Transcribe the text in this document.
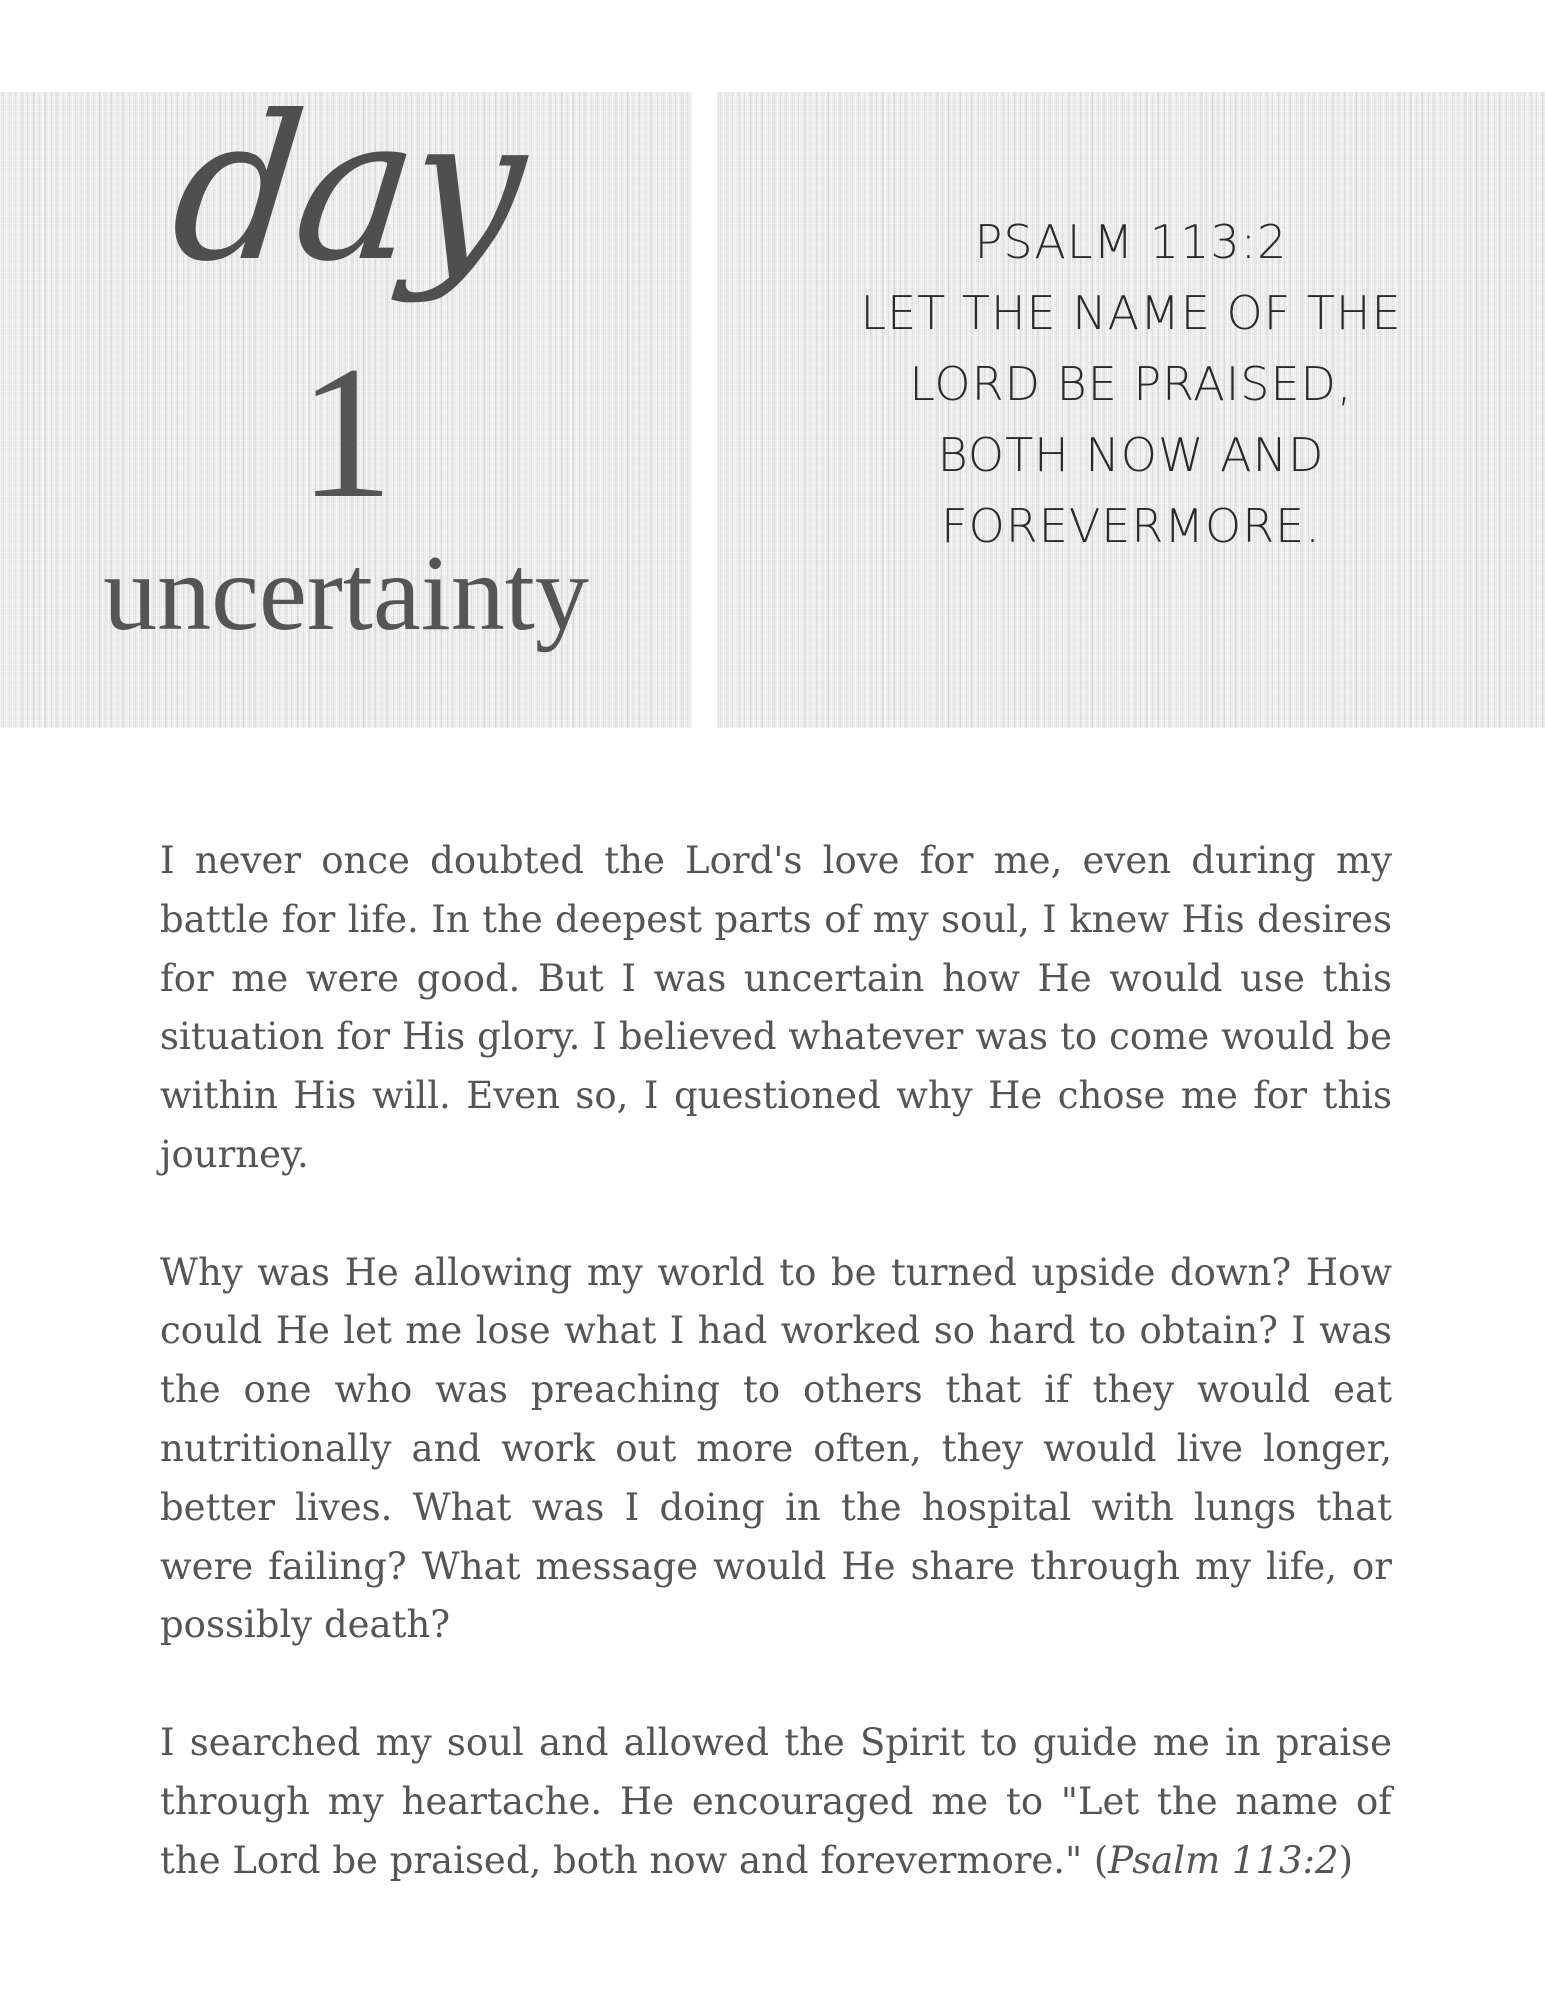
day
1
uncertainty
PSALM 113:2
LET THE NAME OF THE
LORD BE PRAISED,
BOTH NOW AND
FOREVERMORE.

I never once doubted the Lord's love for me, even during my battle for life. In the deepest parts of my soul, I knew His desires for me were good. But I was uncertain how He would use this situation for His glory. I believed whatever was to come would be within His will. Even so, I questioned why He chose me for this journey.

Why was He allowing my world to be turned upside down? How could He let me lose what I had worked so hard to obtain? I was the one who was preaching to others that if they would eat nutritionally and work out more often, they would live longer, better lives. What was I doing in the hospital with lungs that were failing? What message would He share through my life, or possibly death?

I searched my soul and allowed the Spirit to guide me in praise through my heartache. He encouraged me to "Let the name of the Lord be praised, both now and forevermore." (Psalm 113:2)
